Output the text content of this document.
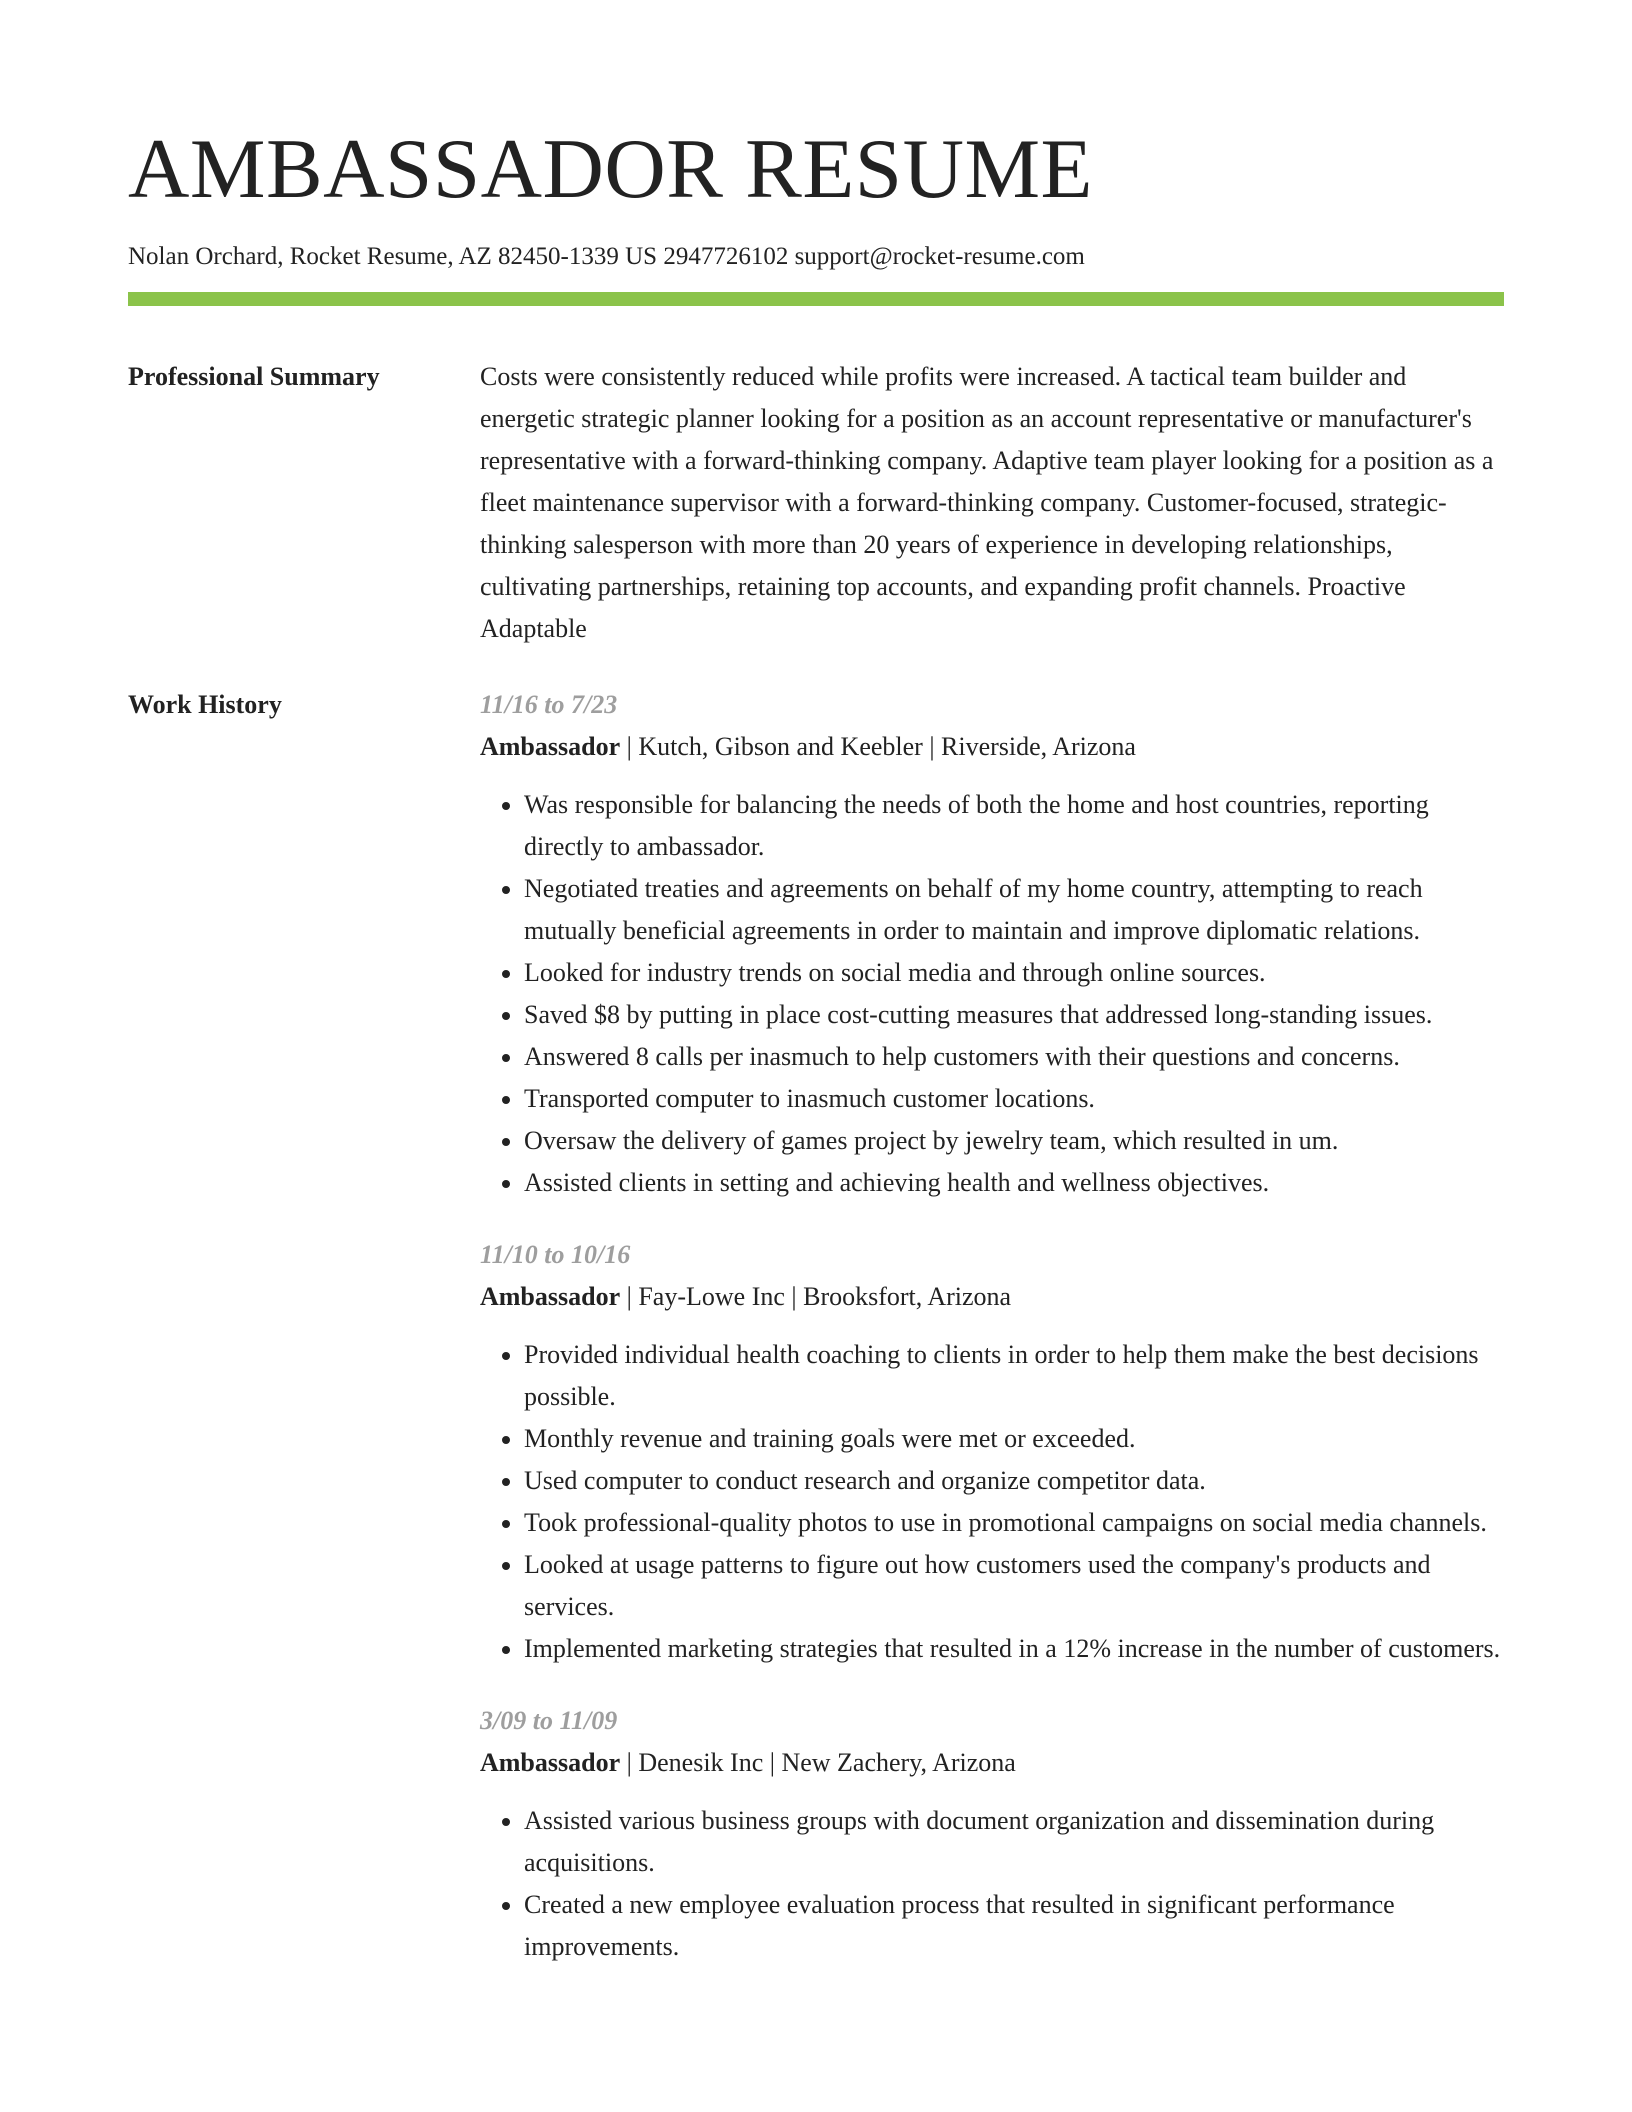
AMBASSADOR RESUME
Nolan Orchard, Rocket Resume, AZ 82450-1339 US 2947726102 support@rocket-resume.com
Professional Summary	Costs were consistently reduced while profits were increased. A tactical team builder and energetic strategic planner looking for a position as an account representative or manufacturer's representative with a forward-thinking company. Adaptive team player looking for a position as a fleet maintenance supervisor with a forward-thinking company. Customer-focused, strategic-thinking salesperson with more than 20 years of experience in developing relationships, cultivating partnerships, retaining top accounts, and expanding profit channels. Proactive Adaptable
Work History	11/16 to 7/23
Ambassador | Kutch, Gibson and Keebler | Riverside, Arizona
• Was responsible for balancing the needs of both the home and host countries, reporting directly to ambassador.
• Negotiated treaties and agreements on behalf of my home country, attempting to reach mutually beneficial agreements in order to maintain and improve diplomatic relations.
• Looked for industry trends on social media and through online sources.
• Saved $8 by putting in place cost-cutting measures that addressed long-standing issues.
• Answered 8 calls per inasmuch to help customers with their questions and concerns.
• Transported computer to inasmuch customer locations.
• Oversaw the delivery of games project by jewelry team, which resulted in um.
• Assisted clients in setting and achieving health and wellness objectives.
11/10 to 10/16
Ambassador | Fay-Lowe Inc | Brooksfort, Arizona
• Provided individual health coaching to clients in order to help them make the best decisions possible.
• Monthly revenue and training goals were met or exceeded.
• Used computer to conduct research and organize competitor data.
• Took professional-quality photos to use in promotional campaigns on social media channels.
• Looked at usage patterns to figure out how customers used the company's products and services.
• Implemented marketing strategies that resulted in a 12% increase in the number of customers.
3/09 to 11/09
Ambassador | Denesik Inc | New Zachery, Arizona
• Assisted various business groups with document organization and dissemination during acquisitions.
• Created a new employee evaluation process that resulted in significant performance improvements.
